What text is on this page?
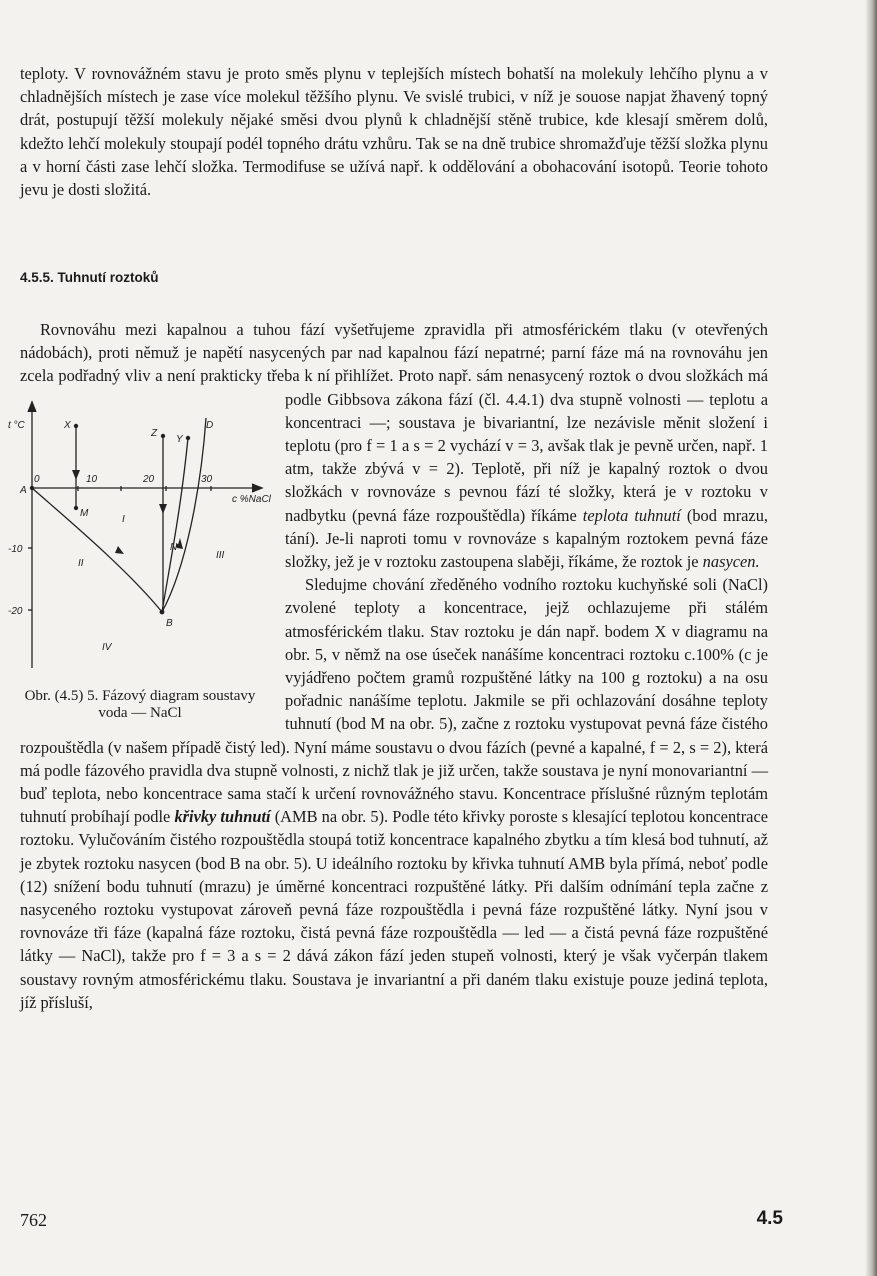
teploty. V rovnovážném stavu je proto směs plynu v teplejších místech bohatší na molekuly lehčího plynu a v chladnějších místech je zase více molekul těžšího plynu. Ve svislé trubici, v níž je souose napjat žhavený topný drát, postupují těžší molekuly nějaké směsi dvou plynů k chladnější stěně trubice, kde klesají směrem dolů, kdežto lehčí molekuly stoupají podél topného drátu vzhůru. Tak se na dně trubice shromažďuje těžší složka plynu a v horní části zase lehčí složka. Termodifuse se užívá např. k oddělování a obohacování isotopů. Teorie tohoto jevu je dosti složitá.

4.5.5. Tuhnutí roztoků
Rovnováhu mezi kapalnou a tuhou fází vyšetřujeme zpravidla při atmosférickém tlaku (v otevřených nádobách), proti němuž je napětí nasycených par nad kapalnou fází nepatrné; parní fáze má na rovnováhu jen zcela podřadný vliv a není prakticky třeba k ní přihlížet. Proto např. sám nenasycený roztok o dvou složkách má podle Gibbsova zákona fází (čl. 4.4.1) dva stupně volnosti — teplotu a koncentraci —; soustava je bivariantní, lze nezávisle měnit složení i teplotu (pro f = 1 a s = 2 vychází v = 3, avšak tlak je pevně určen, např. 1 atm, takže zbývá v = 2). Teplotě, při níž je kapalný roztok o dvou složkách v rovnováze s pevnou fází té složky, která je v roztoku v nadbytku (pevná fáze rozpouštědla) říkáme teplota tuhnutí (bod mrazu, tání). Je-li naproti tomu v rovnováze s kapalným roztokem pevná fáze složky, jež je v roztoku zastoupena slaběji, říkáme, že roztok je nasycen.
Sledujme chování zředěného vodního roztoku kuchyňské soli (NaCl) zvolené teploty a koncentrace, jejž ochlazujeme při stálém atmosférickém tlaku. Stav roztoku je dán např. bodem X v diagramu na obr. 5, v němž na ose úseček nanášíme koncentraci roztoku c.100% (c je vyjádřeno počtem gramů rozpuštěné látky na 100 g roztoku) a na osu pořadnic nanášíme teplotu. Jakmile se při ochlazování dosáhne teploty tuhnutí (bod M na obr. 5), začne z roztoku vystupovat pevná fáze čistého rozpouštědla (v našem případě čistý led). Nyní máme soustavu o dvou fázích (pevné a kapalné, f = 2, s = 2), která má podle fázového pravidla dva stupně volnosti, z nichž tlak je již určen, takže soustava je nyní monovariantní — buď teplota, nebo koncentrace sama stačí k určení rovnovážného stavu. Koncentrace příslušné různým teplotám tuhnutí probíhají podle křivky tuhnutí (AMB na obr. 5). Podle této křivky poroste s klesající teplotou koncentrace roztoku. Vylučováním čistého rozpouštědla stoupá totiž koncentrace kapalného zbytku a tím klesá bod tuhnutí, až je zbytek roztoku nasycen (bod B na obr. 5). U ideálního roztoku by křivka tuhnutí AMB byla přímá, neboť podle (12) snížení bodu tuhnutí (mrazu) je úměrné koncentraci rozpuštěné látky. Při dalším odnímání tepla začne z nasyceného roztoku vystupovat zároveň pevná fáze rozpouštědla i pevná fáze rozpuštěné látky. Nyní jsou v rovnováze tři fáze (kapalná fáze roztoku, čistá pevná fáze rozpouštědla — led — a čistá pevná fáze rozpuštěné látky — NaCl), takže pro f = 3 a s = 2 dává zákon fází jeden stupeň volnosti, který je však vyčerpán tlakem soustavy rovným atmosférickému tlaku. Soustava je invariantní a při daném tlaku existuje pouze jediná teplota, jíž přísluší,
t °C
c %NaCl
0	10	20	30
-10
-20
A
M
N
B
X
Y
Z
D
I
II
III
IV

Obr. (4.5) 5. Fázový diagram soustavy voda — NaCl

762	4.5
